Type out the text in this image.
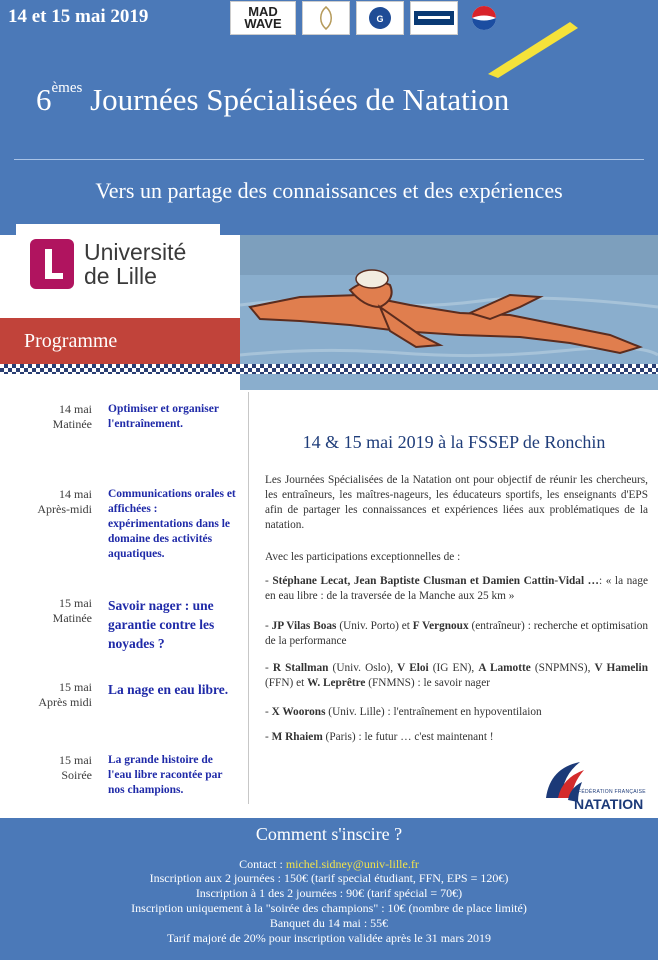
14 et 15 mai 2019	MAD WAVE	G
6èmes Journées Spécialisées de Natation
Vers un partage des connaissances et des expériences
Université
de Lille
Programme
14 mai
Matinée
Optimiser et organiser l'entraînement.
14 mai
Après-midi
Communications orales et affichées : expérimentations dans le domaine des activités aquatiques.
15 mai
Matinée
Savoir nager : une garantie contre les noyades ?
15 mai
Après midi
La nage en eau libre.
15 mai
Soirée
La grande histoire de l'eau libre racontée par nos champions.
14 & 15 mai 2019 à la FSSEP de Ronchin
Les Journées Spécialisées de la Natation ont pour objectif de réunir les chercheurs, les entraîneurs, les maîtres-nageurs, les éducateurs sportifs, les enseignants d'EPS afin de partager les connaissances et expériences liées aux problématiques de la natation.
Avec les participations exceptionnelles de :
- Stéphane Lecat, Jean Baptiste Clusman et Damien Cattin-Vidal …: « la nage en eau libre : de la traversée de la Manche aux 25 km »
- JP Vilas Boas (Univ. Porto) et F Vergnoux (entraîneur) : recherche et optimisation de la performance
- R Stallman (Univ. Oslo), V Eloi (IG EN), A Lamotte (SNPMNS), V Hamelin (FFN) et W. Leprêtre (FNMNS) : le savoir nager
- X Woorons (Univ. Lille) : l'entraînement en hypoventilaion
- M Rhaiem (Paris) : le futur … c'est maintenant !
FÉDÉRATION FRANÇAISE
NATATION
Comment s'inscire ?
Contact : michel.sidney@univ-lille.fr
Inscription aux 2 journées : 150€ (tarif special étudiant, FFN, EPS = 120€)
Inscription à 1 des 2 journées : 90€ (tarif spécial = 70€)
Inscription uniquement à la "soirée des champions" : 10€ (nombre de place limité)
Banquet du 14 mai : 55€
Tarif majoré de 20% pour inscription validée après le 31 mars 2019
